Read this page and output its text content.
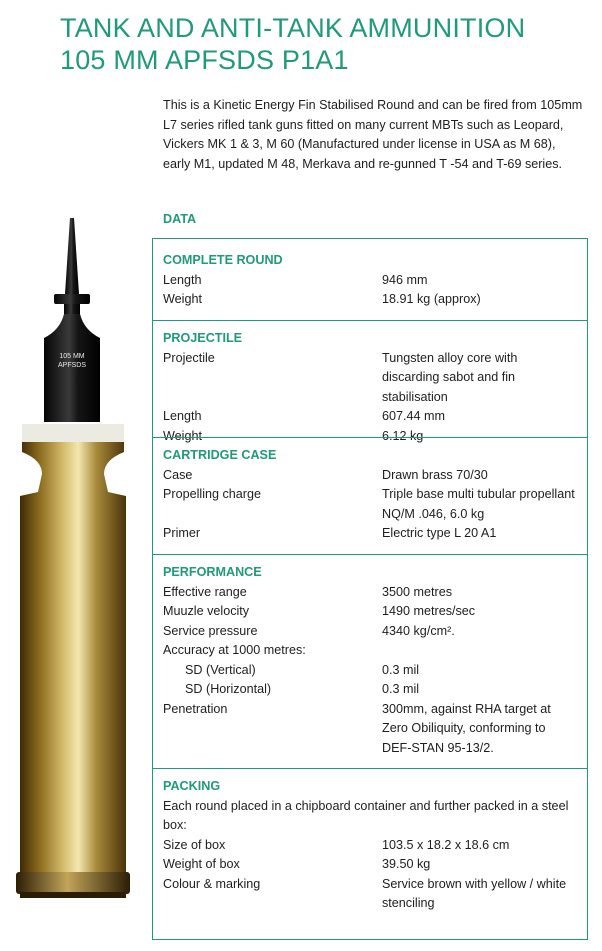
TANK AND ANTI-TANK AMMUNITION
105 MM APFSDS P1A1

This is a Kinetic Energy Fin Stabilised Round and can be fired from 105mm L7 series rifled tank guns fitted on many current MBTs such as Leopard, Vickers MK 1 & 3, M 60 (Manufactured under license in USA as M 68), early M1, updated M 48, Merkava and re-gunned T -54 and T-69 series.

DATA
105 MM
APFSDS
COMPLETE ROUND
Length	946 mm
Weight	18.91 kg (approx)
PROJECTILE
Projectile	Tungsten alloy core with discarding sabot and fin stabilisation
Length	607.44 mm
Weight	6.12 kg
CARTRIDGE CASE
Case	Drawn brass 70/30
Propelling charge	Triple base multi tubular propellant NQ/M .046, 6.0 kg
Primer	Electric type L 20 A1
PERFORMANCE
Effective range	3500 metres
Muuzle velocity	1490 metres/sec
Service pressure	4340 kg/cm².
Accuracy at 1000 metres:
SD (Vertical)	0.3 mil
SD (Horizontal)	0.3 mil
Penetration	300mm, against RHA target at Zero Obiliquity, conforming to DEF-STAN 95-13/2.
PACKING

Each round placed in a chipboard container and further packed in a steel box:

Size of box	103.5 x 18.2 x 18.6 cm
Weight of box	39.50 kg
Colour & marking	Service brown with yellow / white stenciling
